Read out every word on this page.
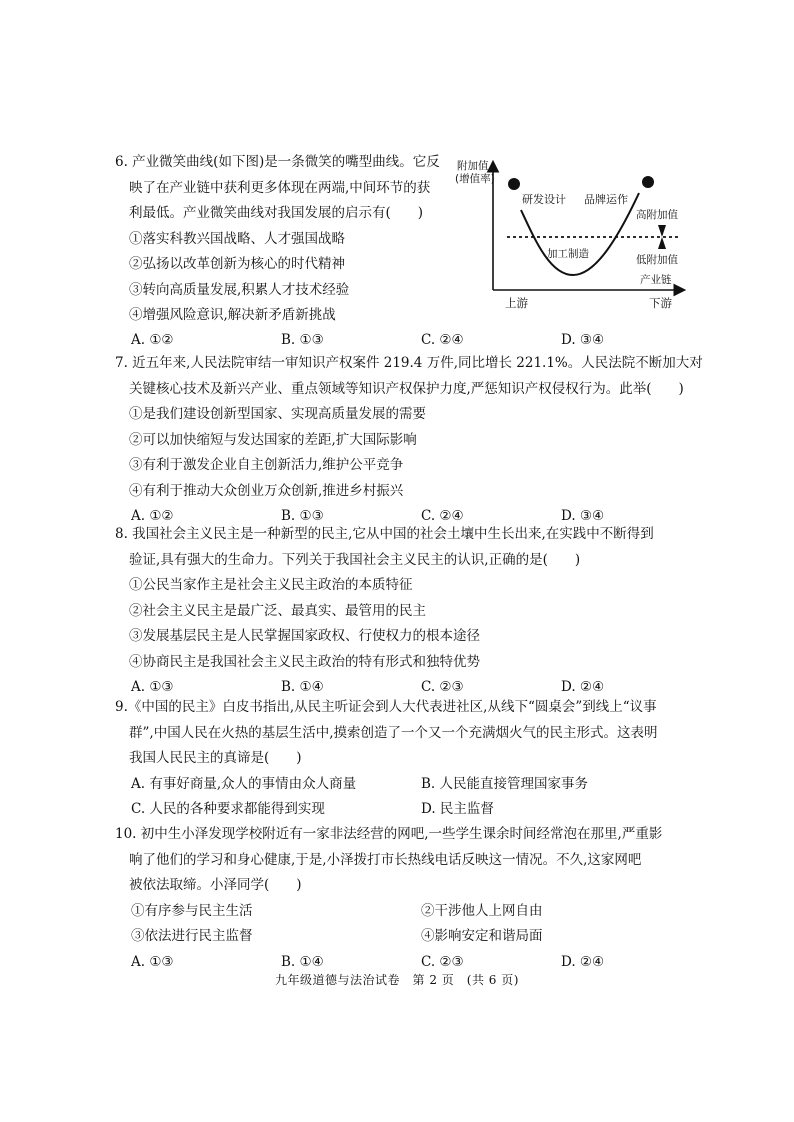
6. 产业微笑曲线(如下图)是一条微笑的嘴型曲线。它反
映了在产业链中获利更多体现在两端,中间环节的获
利最低。产业微笑曲线对我国发展的启示有(　　)
①落实科教兴国战略、人才强国战略
②弘扬以改革创新为核心的时代精神
③转向高质量发展,积累人才技术经验
④增强风险意识,解决新矛盾新挑战
A. ①②	B. ①③	C. ②④	D. ③④
附加值
(增值率)
研发设计 品牌运作
高附加值
加工制造	低附加值
产业链
上游	下游
7. 近五年来,人民法院审结一审知识产权案件 219.4 万件,同比增长 221.1%。人民法院不断加大对
关键核心技术及新兴产业、重点领域等知识产权保护力度,严惩知识产权侵权行为。此举(　　)
①是我们建设创新型国家、实现高质量发展的需要
②可以加快缩短与发达国家的差距,扩大国际影响
③有利于激发企业自主创新活力,维护公平竞争
④有利于推动大众创业万众创新,推进乡村振兴
A. ①②	B. ①③	C. ②④	D. ③④
8. 我国社会主义民主是一种新型的民主,它从中国的社会土壤中生长出来,在实践中不断得到
验证,具有强大的生命力。下列关于我国社会主义民主的认识,正确的是(　　)
①公民当家作主是社会主义民主政治的本质特征
②社会主义民主是最广泛、最真实、最管用的民主
③发展基层民主是人民掌握国家政权、行使权力的根本途径
④协商民主是我国社会主义民主政治的特有形式和独特优势
A. ①③	B. ①④	C. ②③	D. ②④
9.《中国的民主》白皮书指出,从民主听证会到人大代表进社区,从线下“圆桌会”到线上“议事
群”,中国人民在火热的基层生活中,摸索创造了一个又一个充满烟火气的民主形式。这表明
我国人民民主的真谛是(　　)
A. 有事好商量,众人的事情由众人商量	B. 人民能直接管理国家事务
C. 人民的各种要求都能得到实现	D. 民主监督
10. 初中生小泽发现学校附近有一家非法经营的网吧,一些学生课余时间经常泡在那里,严重影
响了他们的学习和身心健康,于是,小泽拨打市长热线电话反映这一情况。不久,这家网吧
被依法取缔。小泽同学(　　)
①有序参与民主生活	②干涉他人上网自由
③依法进行民主监督	④影响安定和谐局面
A. ①③	B. ①④	C. ②③	D. ②④
九年级道德与法治试卷　第 2 页　(共 6 页)
